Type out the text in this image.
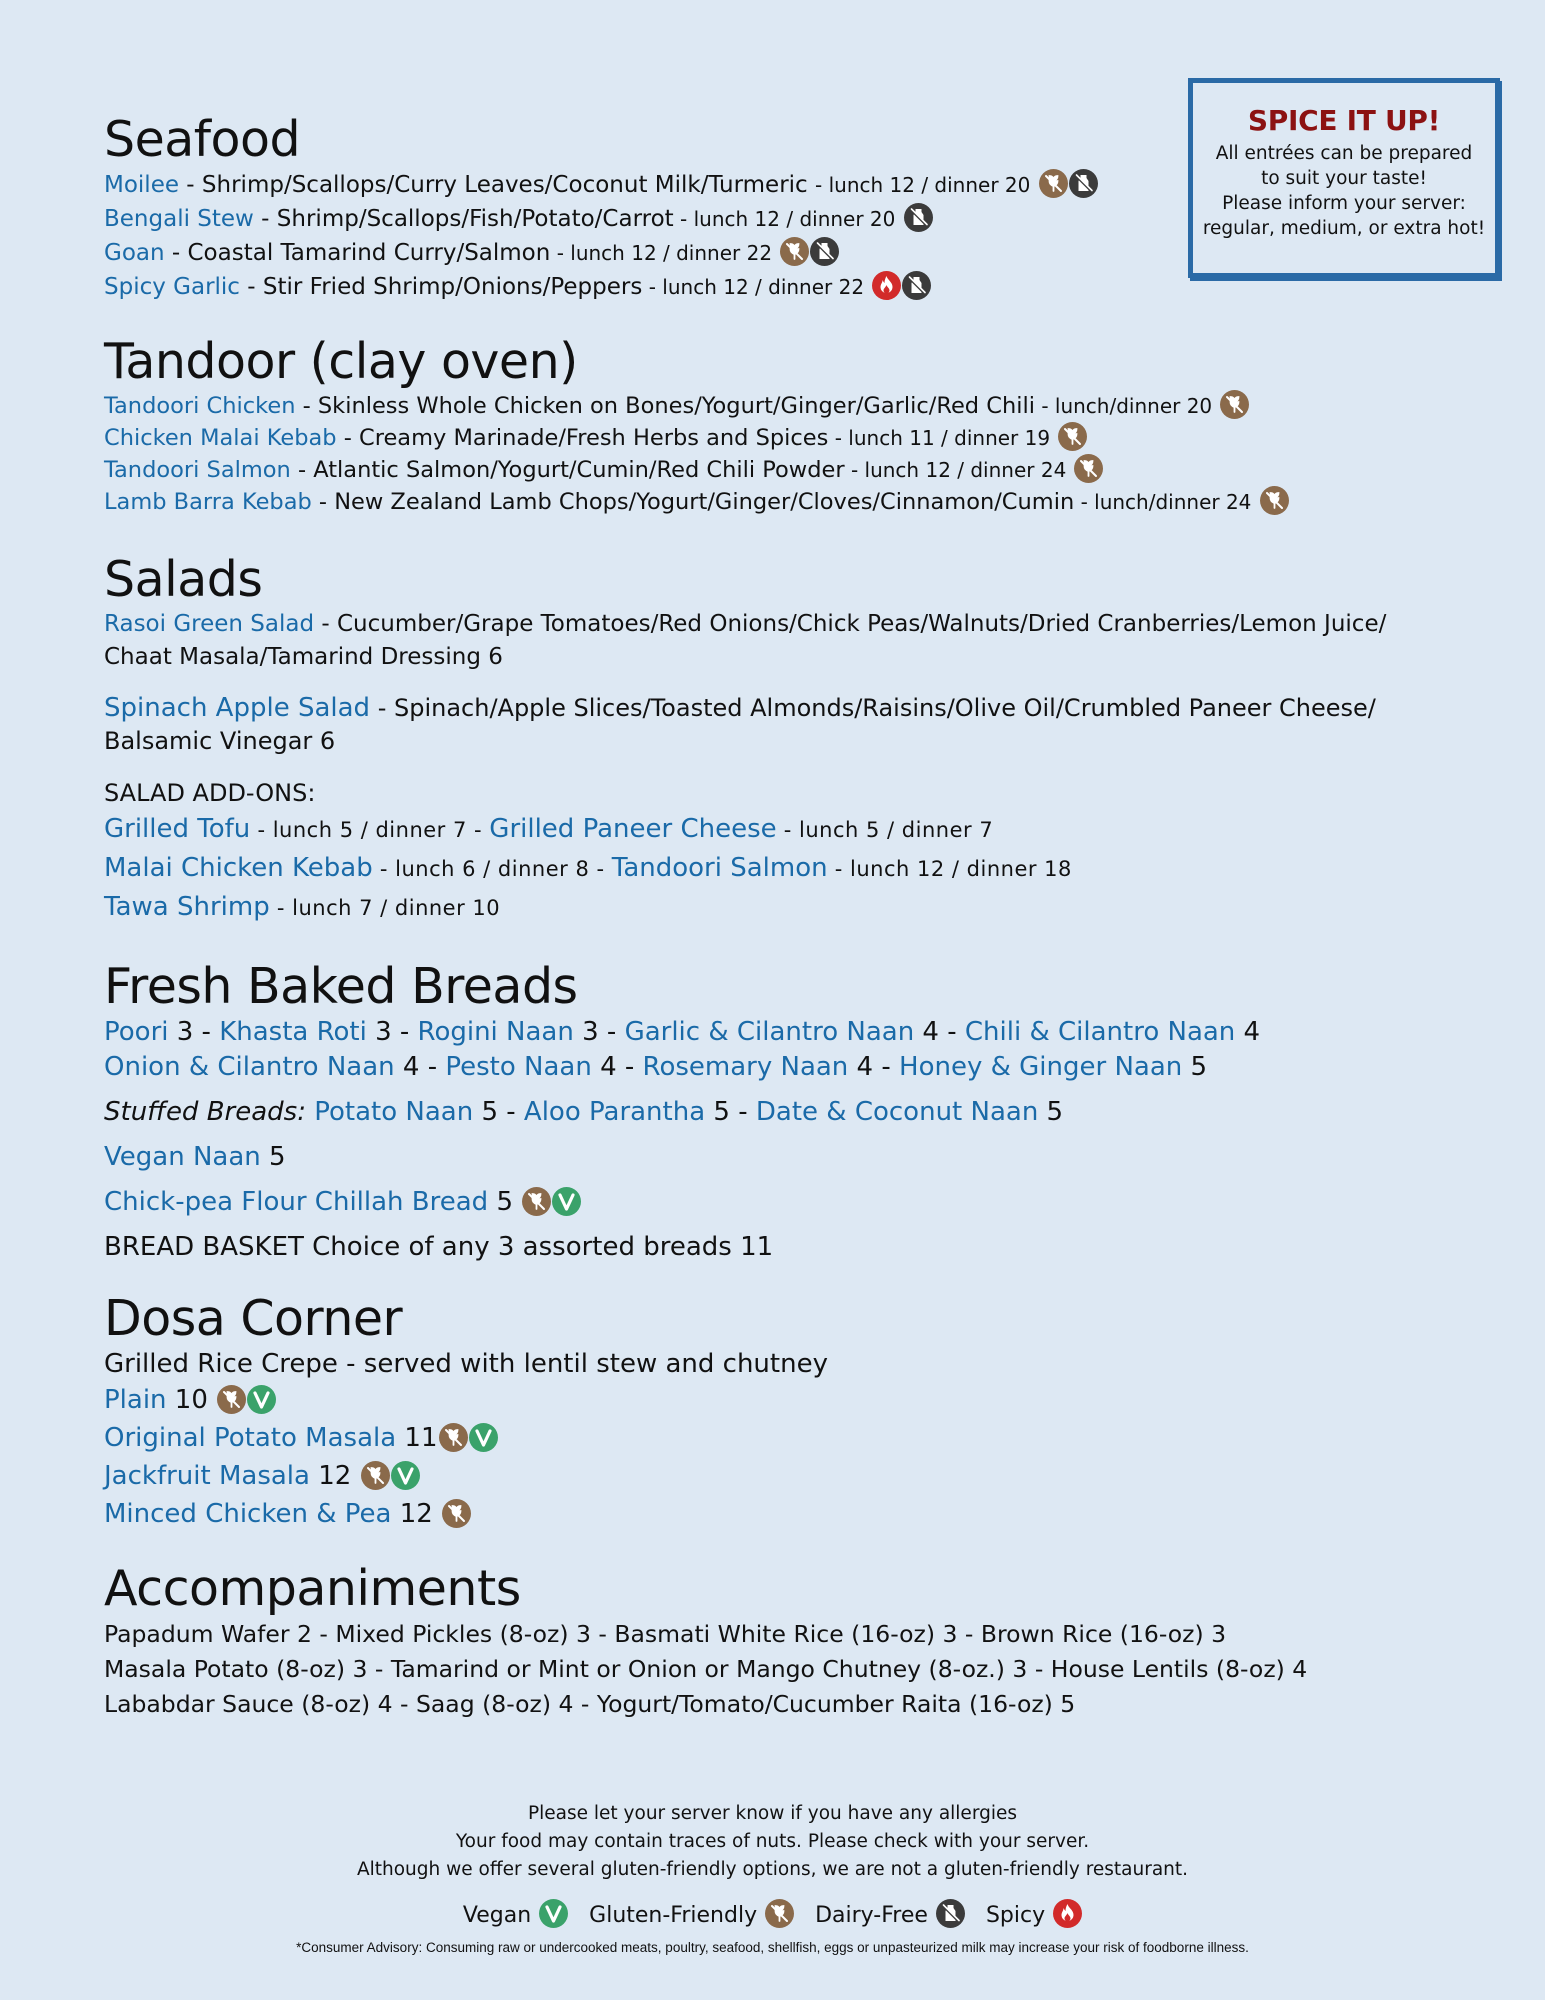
SPICE IT UP!
All entrées can be prepared
to suit your taste!
Please inform your server:
regular, medium, or extra hot!
Seafood
Moilee - Shrimp/Scallops/Curry Leaves/Coconut Milk/Turmeric - lunch 12 / dinner 20
Bengali Stew - Shrimp/Scallops/Fish/Potato/Carrot - lunch 12 / dinner 20
Goan - Coastal Tamarind Curry/Salmon - lunch 12 / dinner 22
Spicy Garlic - Stir Fried Shrimp/Onions/Peppers - lunch 12 / dinner 22
Tandoor (clay oven)
Tandoori Chicken - Skinless Whole Chicken on Bones/Yogurt/Ginger/Garlic/Red Chili - lunch/dinner 20
Chicken Malai Kebab - Creamy Marinade/Fresh Herbs and Spices - lunch 11 / dinner 19
Tandoori Salmon - Atlantic Salmon/Yogurt/Cumin/Red Chili Powder - lunch 12 / dinner 24
Lamb Barra Kebab - New Zealand Lamb Chops/Yogurt/Ginger/Cloves/Cinnamon/Cumin - lunch/dinner 24
Salads
Rasoi Green Salad - Cucumber/Grape Tomatoes/Red Onions/Chick Peas/Walnuts/Dried Cranberries/Lemon Juice/ Chaat Masala/Tamarind Dressing 6
Spinach Apple Salad - Spinach/Apple Slices/Toasted Almonds/Raisins/Olive Oil/Crumbled Paneer Cheese/ Balsamic Vinegar 6
SALAD ADD-ONS:
Grilled Tofu - lunch 5 / dinner 7 - Grilled Paneer Cheese - lunch 5 / dinner 7
Malai Chicken Kebab - lunch 6 / dinner 8 - Tandoori Salmon - lunch 12 / dinner 18
Tawa Shrimp - lunch 7 / dinner 10
Fresh Baked Breads
Poori 3 - Khasta Roti 3 - Rogini Naan 3 - Garlic & Cilantro Naan 4 - Chili & Cilantro Naan 4
Onion & Cilantro Naan 4 - Pesto Naan 4 - Rosemary Naan 4 - Honey & Ginger Naan 5
Stuffed Breads: Potato Naan 5 - Aloo Parantha 5 - Date & Coconut Naan 5
Vegan Naan 5
Chick-pea Flour Chillah Bread 5
BREAD BASKET Choice of any 3 assorted breads 11
Dosa Corner
Grilled Rice Crepe - served with lentil stew and chutney
Plain 10
Original Potato Masala 11
Jackfruit Masala 12
Minced Chicken & Pea 12
Accompaniments
Papadum Wafer 2 - Mixed Pickles (8-oz) 3 - Basmati White Rice (16-oz) 3 - Brown Rice (16-oz) 3
Masala Potato (8-oz) 3 - Tamarind or Mint or Onion or Mango Chutney (8-oz.) 3 - House Lentils (8-oz) 4
Lababdar Sauce (8-oz) 4 - Saag (8-oz) 4 - Yogurt/Tomato/Cucumber Raita (16-oz) 5
Please let your server know if you have any allergies
Your food may contain traces of nuts. Please check with your server.
Although we offer several gluten-friendly options, we are not a gluten-friendly restaurant.
Vegan	Gluten-Friendly	Dairy-Free	Spicy
*Consumer Advisory: Consuming raw or undercooked meats, poultry, seafood, shellfish, eggs or unpasteurized milk may increase your risk of foodborne illness.
